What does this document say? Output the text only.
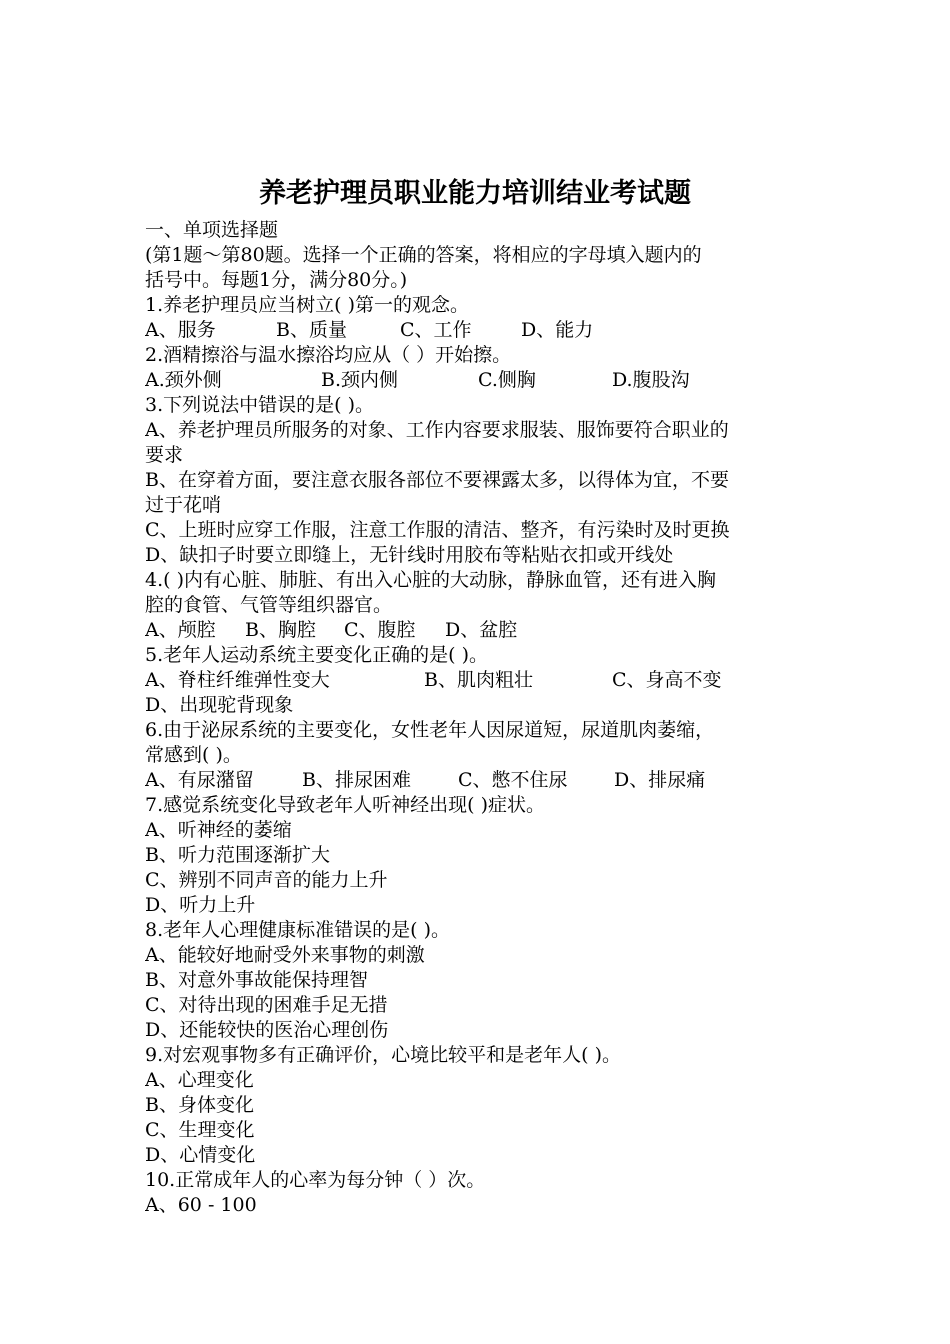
养老护理员职业能力培训结业考试题
一、单项选择题
(第1题～第80题。选择一个正确的答案，将相应的字母填入题内的
括号中。每题1分，满分80分。)
1.养老护理员应当树立( )第一的观念。
A、服务	B、质量	C、工作	D、能力
2.酒精擦浴与温水擦浴均应从（ ）开始擦。
A.颈外侧	B.颈内侧	C.侧胸	D.腹股沟
3.下列说法中错误的是( )。
A、养老护理员所服务的对象、工作内容要求服装、服饰要符合职业的
要求
B、在穿着方面，要注意衣服各部位不要裸露太多，以得体为宜，不要
过于花哨
C、上班时应穿工作服，注意工作服的清洁、整齐，有污染时及时更换
D、缺扣子时要立即缝上，无针线时用胶布等粘贴衣扣或开线处
4.( )内有心脏、肺脏、有出入心脏的大动脉，静脉血管，还有进入胸
腔的食管、气管等组织器官。
A、颅腔	B、胸腔	C、腹腔	D、盆腔
5.老年人运动系统主要变化正确的是( )。
A、脊柱纤维弹性变大	B、肌肉粗壮	C、身高不变
D、出现驼背现象
6.由于泌尿系统的主要变化，女性老年人因尿道短，尿道肌肉萎缩，
常感到( )。
A、有尿潴留	B、排尿困难	C、憋不住尿	D、排尿痛
7.感觉系统变化导致老年人听神经出现( )症状。
A、听神经的萎缩
B、听力范围逐渐扩大
C、辨别不同声音的能力上升
D、听力上升
8.老年人心理健康标准错误的是( )。
A、能较好地耐受外来事物的刺激
B、对意外事故能保持理智
C、对待出现的困难手足无措
D、还能较快的医治心理创伤
9.对宏观事物多有正确评价，心境比较平和是老年人( )。
A、心理变化
B、身体变化
C、生理变化
D、心情变化
10.正常成年人的心率为每分钟（ ）次。
A、60 - 100
